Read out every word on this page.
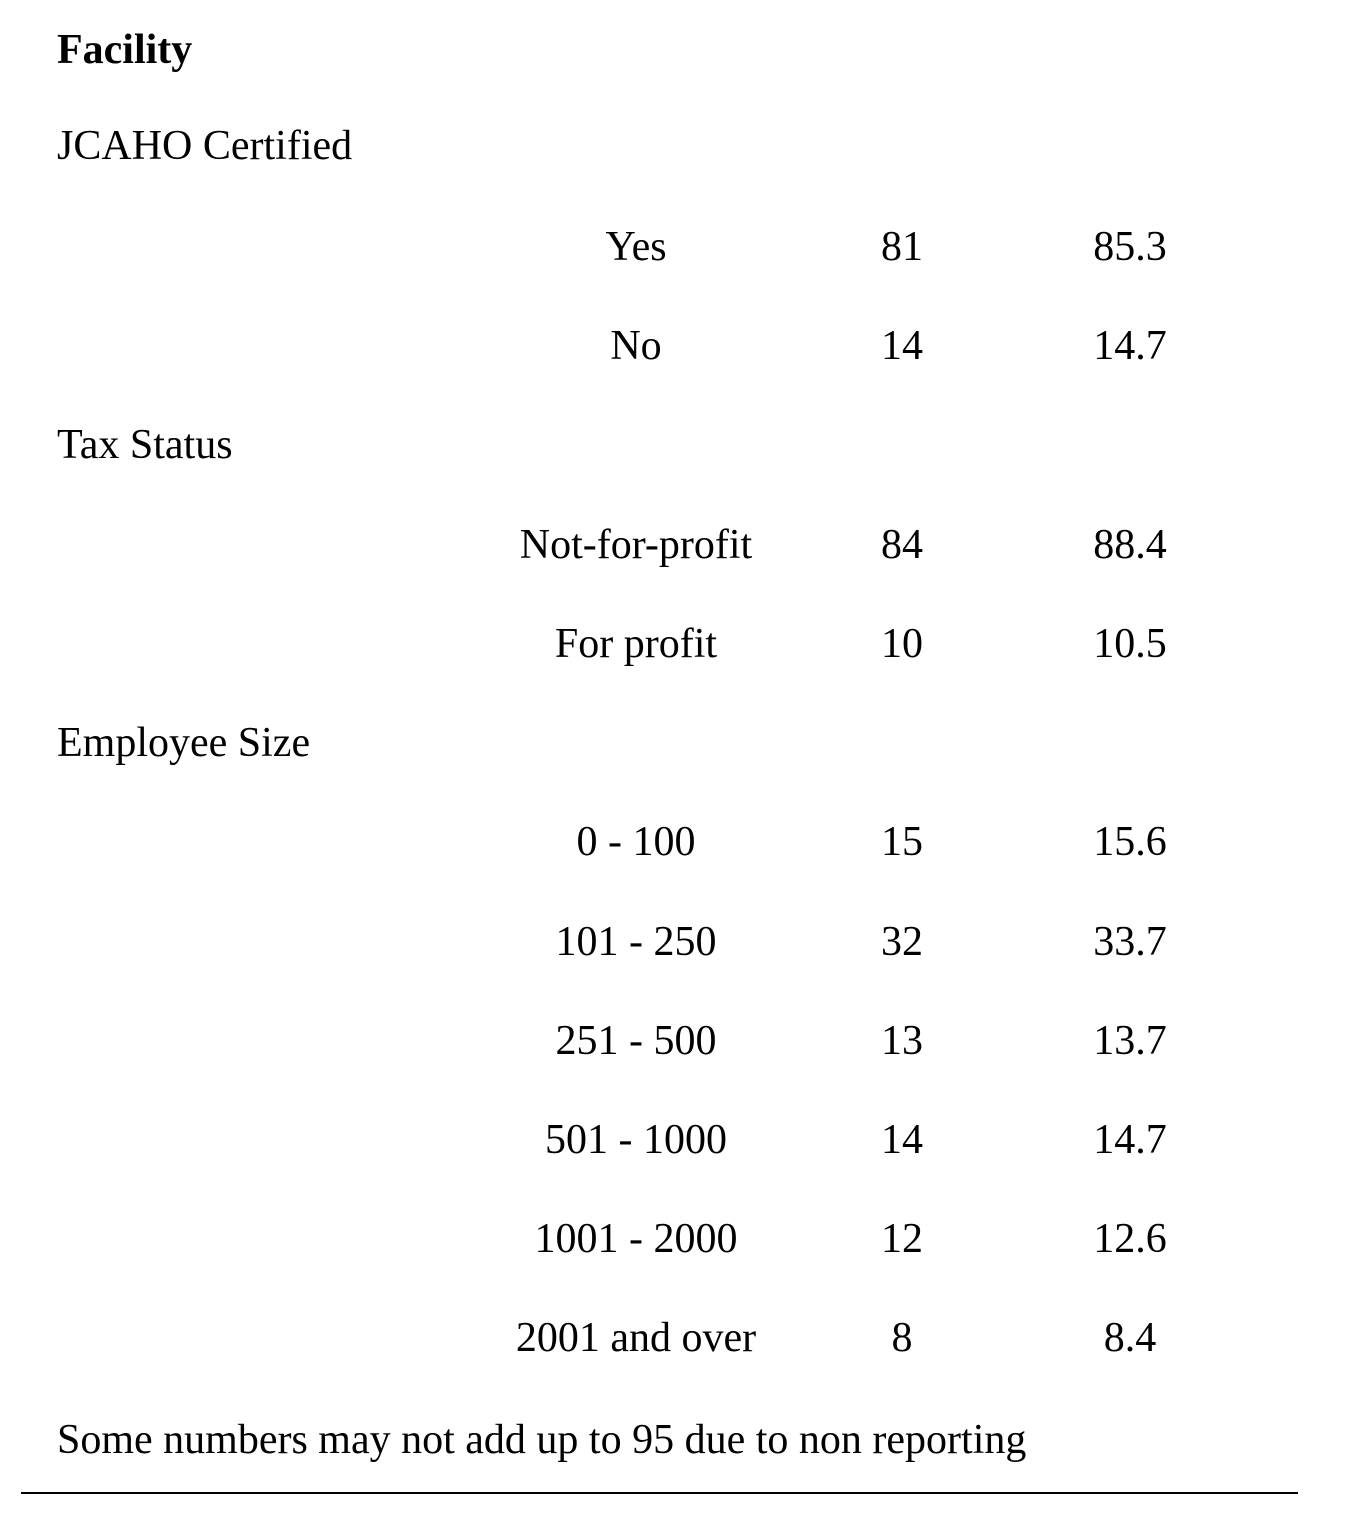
Facility
JCAHO Certified
Yes	81	85.3
No	14	14.7
Tax Status
Not-for-profit	84	88.4
For profit	10	10.5
Employee Size
0 - 100	15	15.6
101 - 250	32	33.7
251 - 500	13	13.7
501 - 1000	14	14.7
1001 - 2000	12	12.6
2001 and over	8	8.4
Some numbers may not add up to 95 due to non reporting
